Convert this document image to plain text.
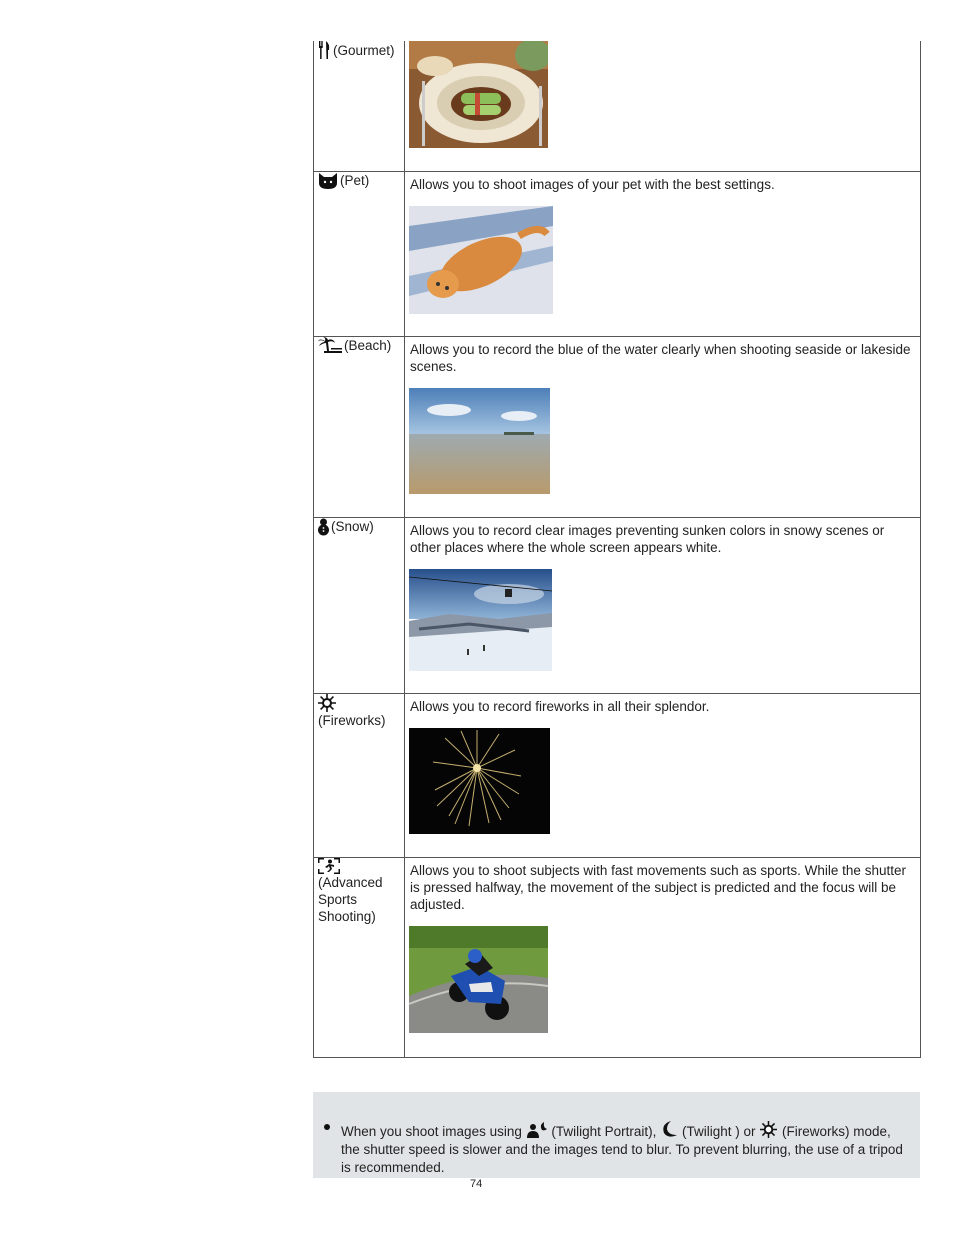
(Gourmet)

(Pet)	Allows you to shoot images of your pet with the best settings.

(Beach)	Allows you to record the blue of the water clearly when shooting seaside or lakeside scenes.

(Snow)	Allows you to record clear images preventing sunken colors in snowy scenes or other places where the whole screen appears white.

(Fireworks)	Allows you to record fireworks in all their splendor.

(Advanced
Sports
Shooting)	Allows you to shoot subjects with fast movements such as sports. While the shutter is pressed halfway, the movement of the subject is predicted and the focus will be adjusted.
When you shoot images using (Twilight Portrait), (Twilight ) or (Fireworks) mode, the shutter speed is slower and the images tend to blur. To prevent blurring, the use of a tripod is recommended.
74
